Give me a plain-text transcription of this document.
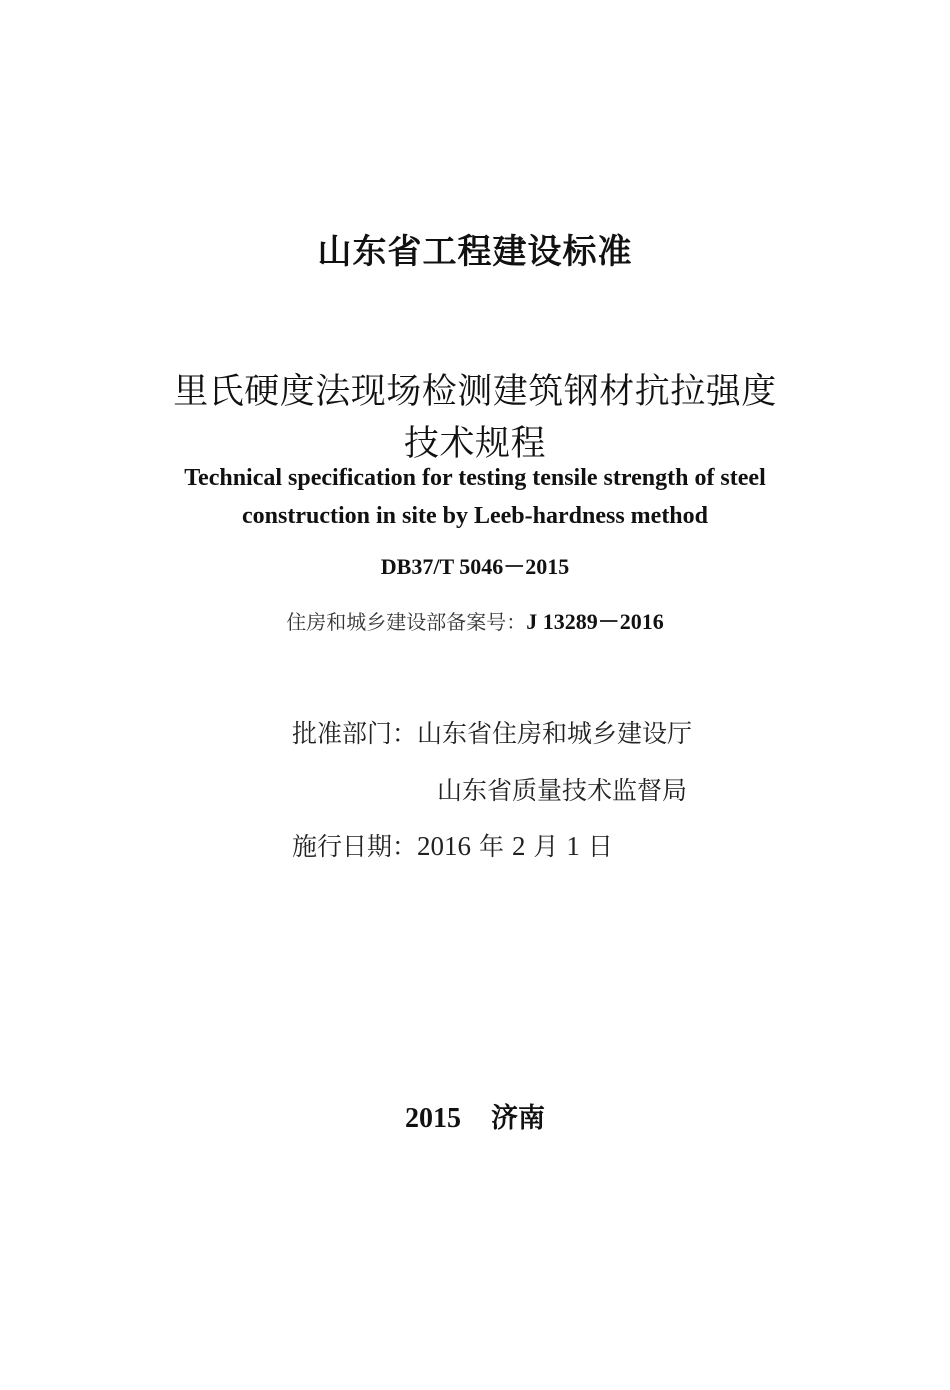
山东省工程建设标准
里氏硬度法现场检测建筑钢材抗拉强度
技术规程
Technical specification for testing tensile strength of steel
construction in site by Leeb-hardness method
DB37/T 5046－2015
住房和城乡建设部备案号：J 13289－2016
批准部门：山东省住房和城乡建设厅
山东省质量技术监督局
施行日期：2016 年 2 月 1 日
2015 济南
